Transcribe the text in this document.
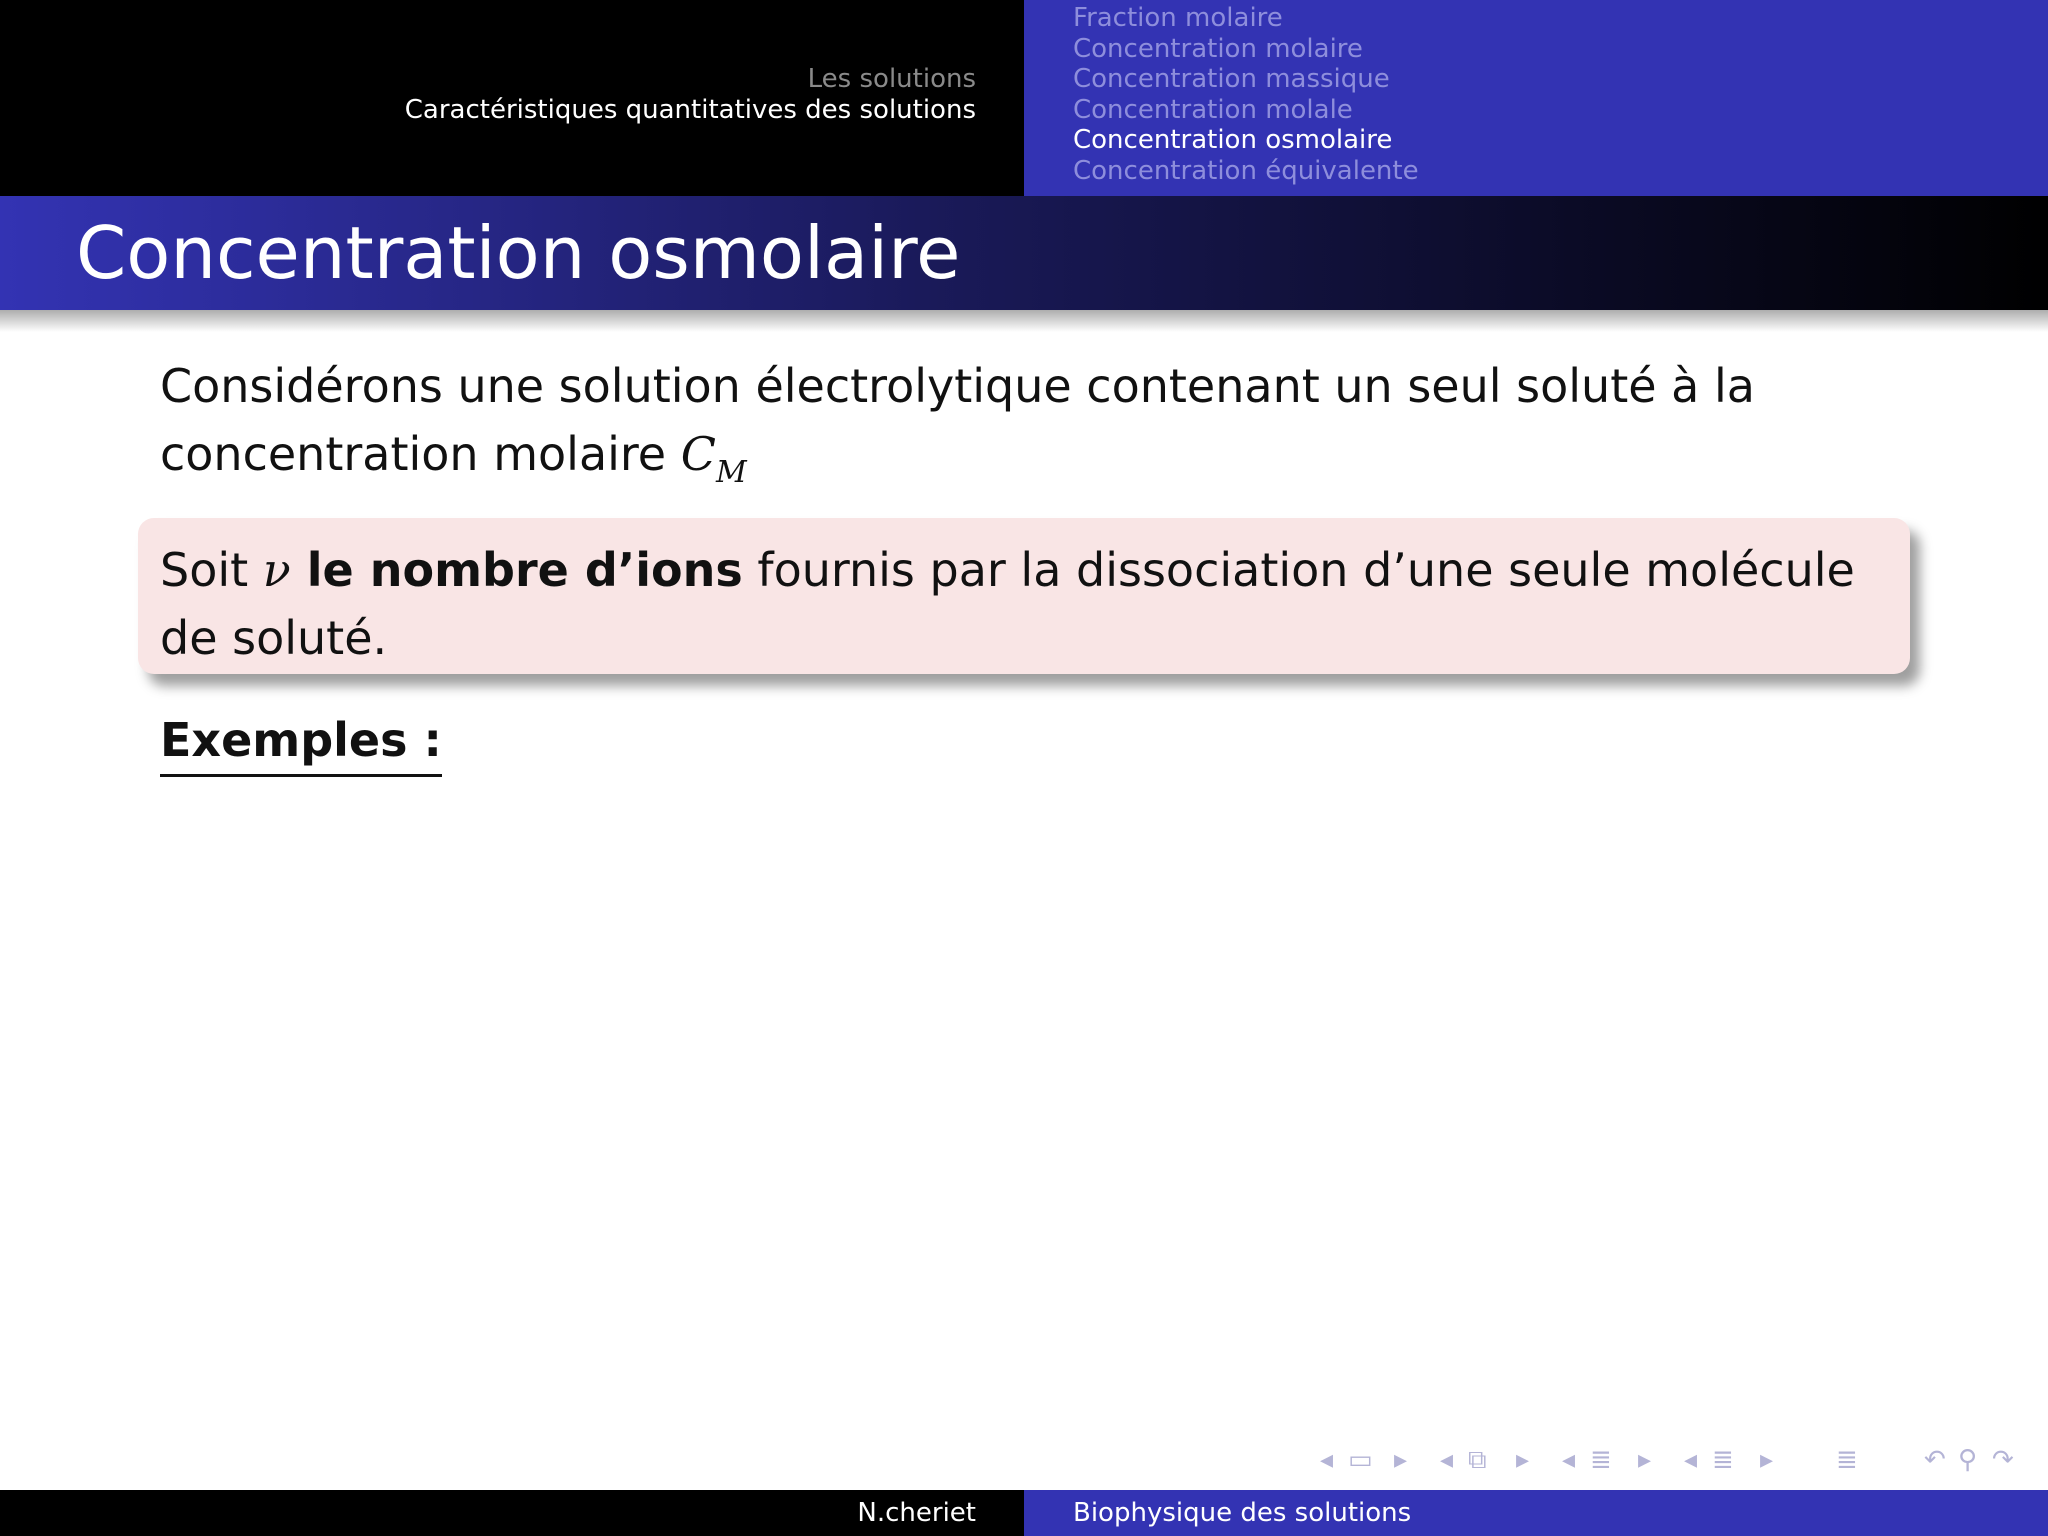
Les solutions
Caractéristiques quantitatives des solutions
Fraction molaire
Concentration molaire
Concentration massique
Concentration molale
Concentration osmolaire
Concentration équivalente
Concentration osmolaire
Considérons une solution électrolytique contenant un seul soluté à la concentration molaire $C_M$
Soit ν le nombre d’ions fournis par la dissociation d’une seule molécule de soluté.
Exemples :
◂ ▭ ▸ ◂ ⧉ ▸ ◂ ≣ ▸ ◂ ≣ ▸ ≣	↶ ⚲ ↷
N.cheriet	Biophysique des solutions
